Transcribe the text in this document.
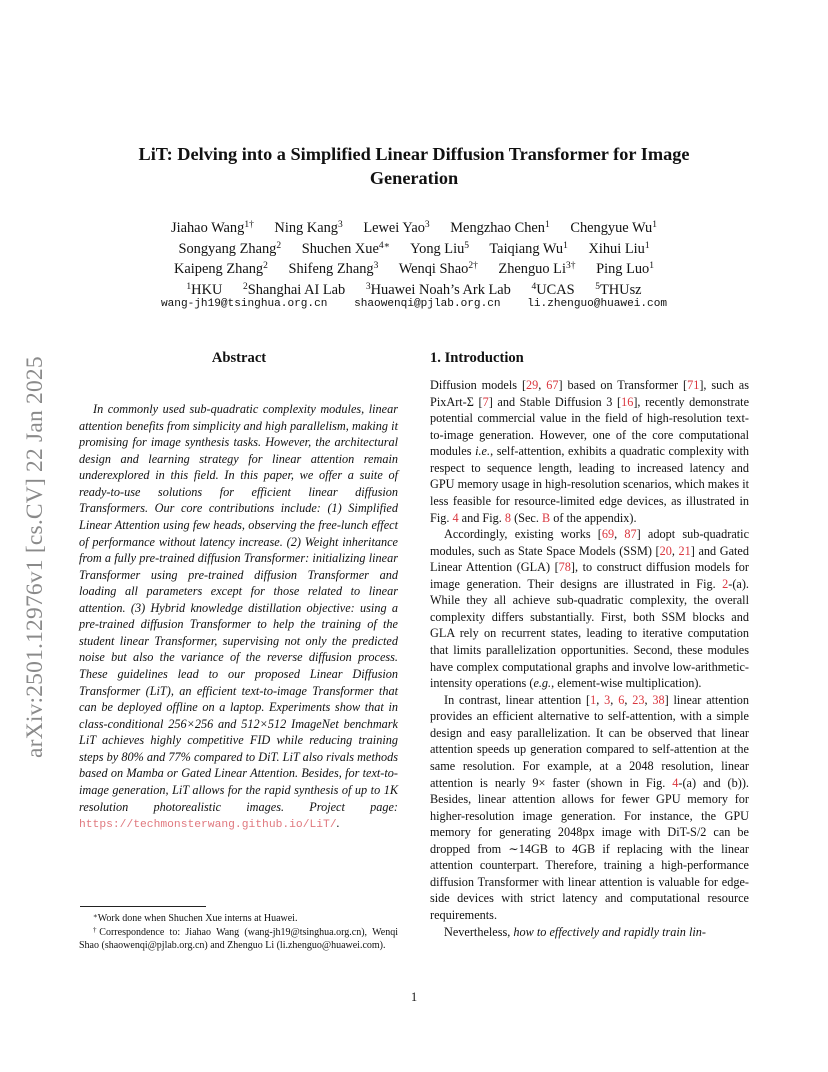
arXiv:2501.12976v1 [cs.CV] 22 Jan 2025
LiT: Delving into a Simplified Linear Diffusion Transformer for Image Generation
Jiahao Wang$^{1\dagger}$ Ning Kang$^3$ Lewei Yao$^3$ Mengzhao Chen$^1$ Chengyue Wu$^1$
Songyang Zhang$^2$ Shuchen Xue$^{4∗}$ Yong Liu$^5$ Taiqiang Wu$^1$ Xihui Liu$^1$
Kaipeng Zhang$^2$ Shifeng Zhang$^3$ Wenqi Shao$^{2\dagger}$ Zhenguo $Li^{3\dagger}$ Ping Luo$^1$
$^1$HKU $^2$Shanghai AI Lab $^3$Huawei Noah’s Ark Lab $^4$UCAS $^5$THUsz
wang-jh19@tsinghua.org.cn shaowenqi@pjlab.org.cn li.zhenguo@huawei.com
Abstract	1. Introduction

In commonly used sub-quadratic complexity modules, linear attention benefits from simplicity and high parallelism, making it promising for image synthesis tasks. However, the architectural design and learning strategy for linear attention remain underexplored in this field. In this paper, we offer a suite of ready-to-use solutions for efficient linear diffusion Transformers. Our core contributions include: (1) Simplified Linear Attention using few heads, observing the free-lunch effect of performance without latency increase. (2) Weight inheritance from a fully pre-trained diffusion Transformer: initializing linear Transformer using pre-trained diffusion Transformer and loading all parameters except for those related to linear attention. (3) Hybrid knowledge distillation objective: using a pre-trained diffusion Transformer to help the training of the student linear Transformer, supervising not only the predicted noise but also the variance of the reverse diffusion process. These guidelines lead to our proposed Linear Diffusion Transformer (LiT), an efficient text-to-image Transformer that can be deployed offline on a laptop. Experiments show that in class-conditional 256×256 and 512×512 ImageNet benchmark LiT achieves highly competitive FID while reducing training steps by 80% and 77% compared to DiT. LiT also rivals methods based on Mamba or Gated Linear Attention. Besides, for text-to-image generation, LiT allows for the rapid synthesis of up to 1K resolution photorealistic images. Project page: https://techmonsterwang.github.io/LiT/.

∗Work done when Shuchen Xue interns at Huawei.

†Correspondence to: Jiahao Wang (wang-jh19@tsinghua.org.cn), Wenqi Shao (shaowenqi@pjlab.org.cn) and Zhenguo Li (li.zhenguo@huawei.com).

Diffusion models [29, 67] based on Transformer [71], such as PixArt-Σ [7] and Stable Diffusion 3 [16], recently demonstrate potential commercial value in the field of high-resolution text-to-image generation. However, one of the core computational modules i.e., self-attention, exhibits a quadratic complexity with respect to sequence length, leading to increased latency and GPU memory usage in high-resolution scenarios, which makes it less feasible for resource-limited edge devices, as illustrated in Fig. 4 and Fig. 8 (Sec. B of the appendix).

Accordingly, existing works [69, 87] adopt sub-quadratic modules, such as State Space Models (SSM) [20, 21] and Gated Linear Attention (GLA) [78], to construct diffusion models for image generation. Their designs are illustrated in Fig. 2-(a). While they all achieve sub-quadratic complexity, the overall complexity differs substantially. First, both SSM blocks and GLA rely on recurrent states, leading to iterative computation that limits parallelization opportunities. Second, these modules have complex computational graphs and involve low-arithmetic-intensity operations (e.g., element-wise multiplication).

In contrast, linear attention [1, 3, 6, 23, 38] linear attention provides an efficient alternative to self-attention, with a simple design and easy parallelization. It can be observed that linear attention speeds up generation compared to self-attention at the same resolution. For example, at a 2048 resolution, linear attention is nearly 9× faster (shown in Fig. 4-(a) and (b)). Besides, linear attention allows for fewer GPU memory for higher-resolution image generation. For instance, the GPU memory for generating 2048px image with DiT-S/2 can be dropped from ∼14GB to 4GB if replacing with the linear attention counterpart. Therefore, training a high-performance diffusion Transformer with linear attention is valuable for edge-side devices with strict latency and computational resource requirements.

Nevertheless, how to effectively and rapidly train lin-

1
